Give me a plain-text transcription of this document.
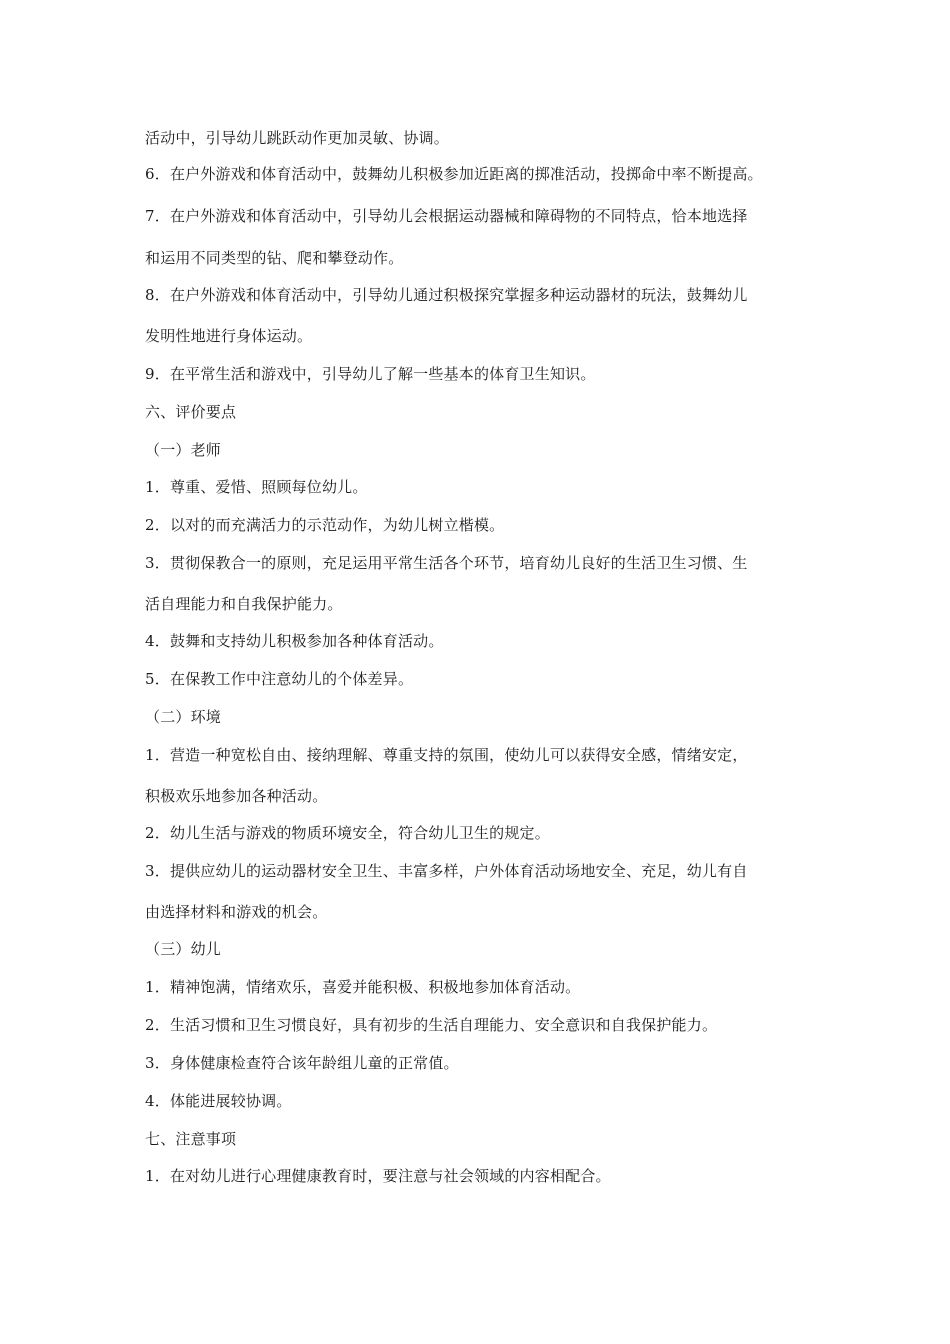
活动中，引导幼儿跳跃动作更加灵敏、协调。
6．在户外游戏和体育活动中，鼓舞幼儿积极参加近距离的掷准活动，投掷命中率不断提高。
7．在户外游戏和体育活动中，引导幼儿会根据运动器械和障碍物的不同特点，恰本地选择
和运用不同类型的钻、爬和攀登动作。
8．在户外游戏和体育活动中，引导幼儿通过积极探究掌握多种运动器材的玩法，鼓舞幼儿
发明性地进行身体运动。
9．在平常生活和游戏中，引导幼儿了解一些基本的体育卫生知识。
六、评价要点
（一）老师
1．尊重、爱惜、照顾每位幼儿。
2．以对的而充满活力的示范动作，为幼儿树立楷模。
3．贯彻保教合一的原则，充足运用平常生活各个环节，培育幼儿良好的生活卫生习惯、生
活自理能力和自我保护能力。
4．鼓舞和支持幼儿积极参加各种体育活动。
5．在保教工作中注意幼儿的个体差异。
（二）环境
1．营造一种宽松自由、接纳理解、尊重支持的氛围，使幼儿可以获得安全感，情绪安定，
积极欢乐地参加各种活动。
2．幼儿生活与游戏的物质环境安全，符合幼儿卫生的规定。
3．提供应幼儿的运动器材安全卫生、丰富多样，户外体育活动场地安全、充足，幼儿有自
由选择材料和游戏的机会。
（三）幼儿
1．精神饱满，情绪欢乐，喜爱并能积极、积极地参加体育活动。
2．生活习惯和卫生习惯良好，具有初步的生活自理能力、安全意识和自我保护能力。
3．身体健康检查符合该年龄组儿童的正常值。
4．体能进展较协调。
七、注意事项
1．在对幼儿进行心理健康教育时，要注意与社会领域的内容相配合。
